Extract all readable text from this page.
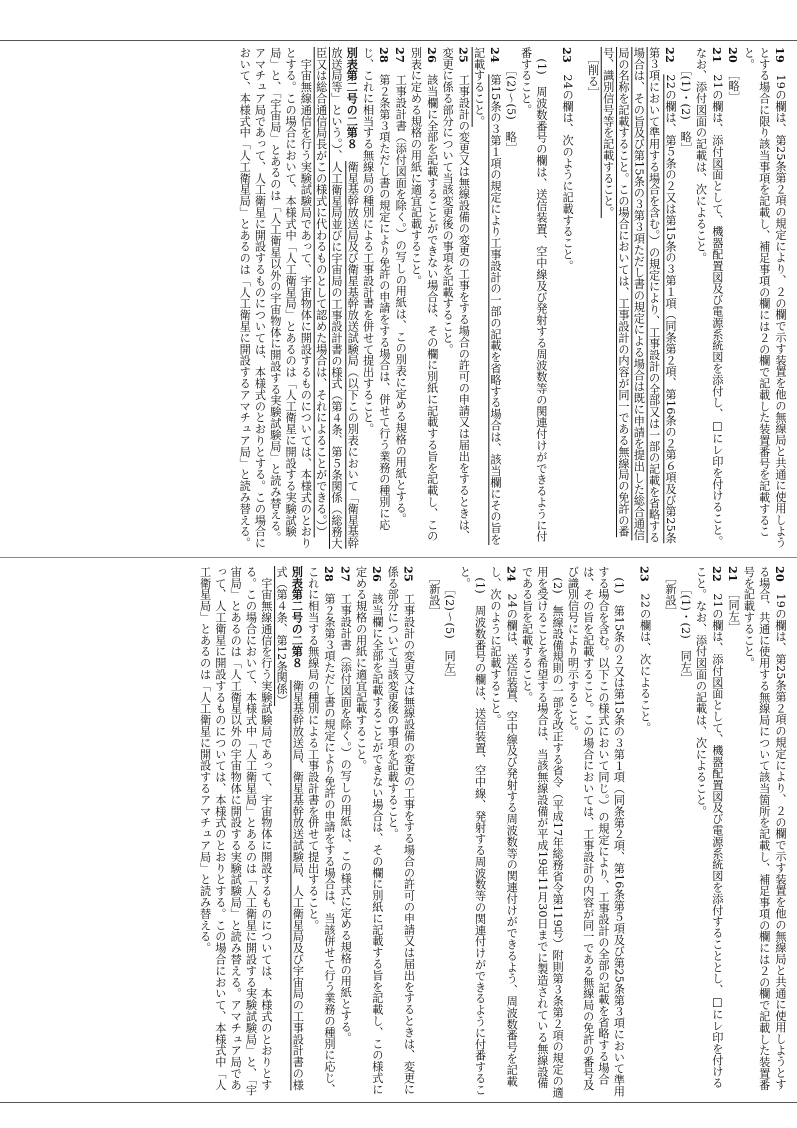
19　19の欄は、第25条第２項の規定により、２の欄で示す装置を他の無線局と共通に使用しようとする場合に限り該当事項を記載し、補足事項の欄には２の欄で記載した装置番号を記載すること。

20　［略］

21　21の欄は、添付図面として、機器配置図及び電源系統図を添付し、□にレ印を付けること。なお、添付図面の記載は、次によること。

　　［(1)・(2)　略］

22　22の欄は、第５条の２又は第15条の３第１項（同条第２項、第16条の２第６項及び第25条第３項において準用する場合を含む。）の規定により、工事設計の全部又は一部の記載を省略する場合は、その旨及び第15条の３第３項ただし書の規定による場合は既に申請を提出した総合通信局の名称を記載すること。この場合においては、工事設計の内容が同一である無線局の免許の番号、識別信号等を記載すること。

　［削る］

23　24の欄は、次のように記載すること。

　(1)　周波数番号の欄は、送信装置、空中線及び発射する周波数等の関連付けができるように付番すること。

　　［(2)～(5)　略］

24　第15条の３第１項の規定により工事設計の一部の記載を省略する場合は、該当欄にその旨を記載すること。

25　工事設計の変更又は無線設備の変更の工事をする場合の許可の申請又は届出をするときは、変更に係る部分について当該変更後の事項を記載すること。

26　該当欄に全部を記載することができない場合は、その欄に別紙に記載する旨を記載し、この別表に定める規格の用紙に適宜記載すること。

27　工事設計書（添付図面を除く。）の写しの用紙は、この別表に定める規格の用紙とする。

28　第２条第３項ただし書の規定により免許の申請をする場合は、併せて行う業務の種別に応じ、これに相当する無線局の種別による工事設計書を併せて提出すること。

別表第二号の二第８　衛星基幹放送局及び衛星基幹放送試験局（以下この別表において「衛星基幹放送局等」という。）、人工衛星局並びに宇宙局の工事設計書の様式（第４条、第５条関係（総務大臣又は総合通信局長がこの様式に代わるものとして認めた場合は、それによることができる。））

　宇宙無線通信を行う実験試験局であって、宇宙物体に開設するものについては、本様式のとおりとする。この場合において、本様式中「人工衛星局」とあるのは「人工衛星に開設する実験試験局」と、「宇宙局」とあるのは「人工衛星以外の宇宙物体に開設する実験試験局」と読み替える。アマチュア局であって、人工衛星に開設するものについては、本様式のとおりとする。この場合において、本様式中「人工衛星局」とあるのは「人工衛星に開設するアマチュア局」と読み替える。

20　19の欄は、第25条第２項の規定により、２の欄で示す装置を他の無線局と共通に使用しようとする場合、共通に使用する無線局について該当箇所を記載し、補足事項の欄には２の欄で記載した装置番号を記載すること。

21　［同左］

22　21の欄は、添付図面として、機器配置図及び電源系統図を添付することとし、□にレ印を付けること。なお、添付図面の記載は、次によること。

　　［(1)・(2)　同左］

　［新設］

23　22の欄は、次によること。

　(1)　第15条の２又は第15条の３第１項（同条第２項、第16条第５項及び第25条第３項において準用する場合を含む。以下この様式において同じ。）の規定により、工事設計の全部の記載を省略する場合は、その旨を記載すること。この場合においては、工事設計の内容が同一である無線局の免許の番号及び識別信号により明示すること。

　(2)　無線設備規則の一部を改正する省令（平成17年総務省令第119号）附則第３条第２項の規定の適用を受けることを希望する場合は、当該無線設備が平成19年11月30日までに製造されている無線設備である旨を記載すること。

24　24の欄は、送信装置、空中線及び発射する周波数等の関連付けができるよう、周波数番号を記載し、次のように記載すること。

　(1)　周波数番号の欄は、送信装置、空中線、発射する周波数等の関連付けができるように付番すること。

　　［(2)～(5)　同左］

　［新設］

25　工事設計の変更又は無線設備の変更の工事をする場合の許可の申請又は届出をするときは、変更に係る部分について当該変更後の事項を記載すること。

26　該当欄に全部を記載することができない場合は、その欄に別紙に記載する旨を記載し、この様式に定める規格の用紙に適宜記載すること。

27　工事設計書（添付図面を除く。）の写しの用紙は、この様式に定める規格の用紙とする。

28　第２条第３項ただし書の規定により免許の申請をする場合は、当該併せて行う業務の種別に応じ、これに相当する無線局の種別による工事設計書を併せて提出すること。

別表第二号の二第８　衛星基幹放送局、衛星基幹放送試験局、人工衛星局及び宇宙局の工事設計書の様式（第４条、第12条関係）

　宇宙無線通信を行う実験試験局であって、宇宙物体に開設するものについては、本様式のとおりとする。この場合において、本様式中「人工衛星局」とあるのは「人工衛星に開設する実験試験局」と、「宇宙局」とあるのは「人工衛星以外の宇宙物体に開設する実験試験局」と読み替える。アマチュア局であって、人工衛星に開設するものについては、本様式のとおりとする。この場合において、本様式中「人工衛星局」とあるのは「人工衛星に開設するアマチュア局」と読み替える。
